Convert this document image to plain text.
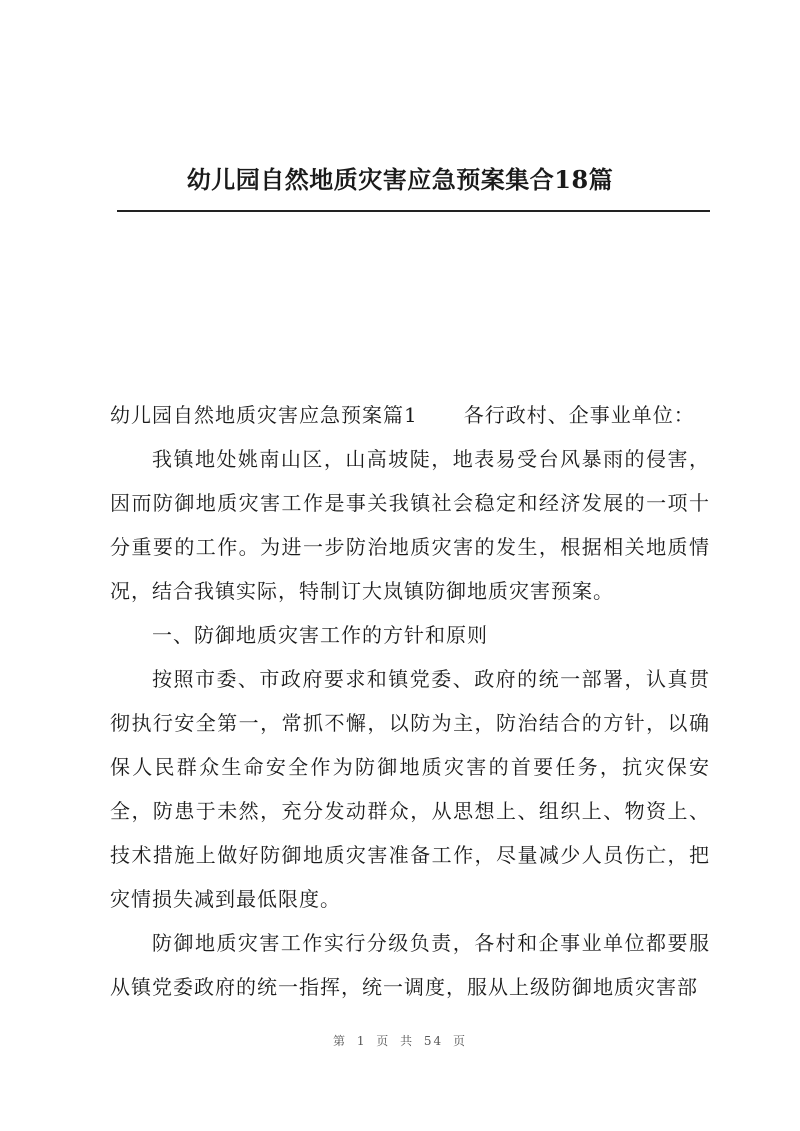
幼儿园自然地质灾害应急预案集合18篇

幼儿园自然地质灾害应急预案篇1 各行政村、企事业单位：

我镇地处姚南山区，山高坡陡，地表易受台风暴雨的侵害，因而防御地质灾害工作是事关我镇社会稳定和经济发展的一项十分重要的工作。为进一步防治地质灾害的发生，根据相关地质情况，结合我镇实际，特制订大岚镇防御地质灾害预案。

一、防御地质灾害工作的方针和原则

按照市委、市政府要求和镇党委、政府的统一部署，认真贯彻执行安全第一，常抓不懈，以防为主，防治结合的方针，以确保人民群众生命安全作为防御地质灾害的首要任务，抗灾保安全，防患于未然，充分发动群众，从思想上、组织上、物资上、技术措施上做好防御地质灾害准备工作，尽量减少人员伤亡，把灾情损失减到最低限度。

防御地质灾害工作实行分级负责，各村和企事业单位都要服从镇党委政府的统一指挥，统一调度，服从上级防御地质灾害部

第 1 页 共 54 页
